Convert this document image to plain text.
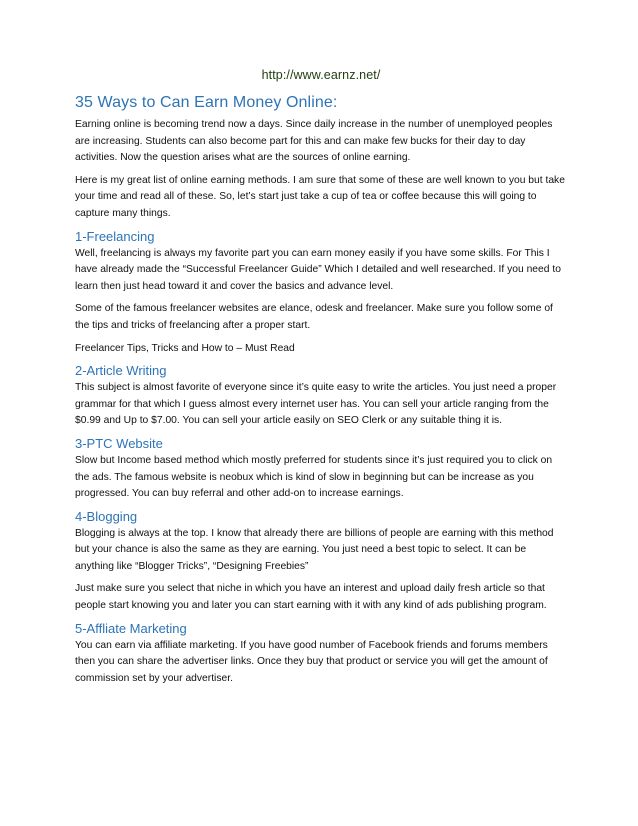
http://www.earnz.net/
35 Ways to Can Earn Money Online:

Earning online is becoming trend now a days. Since daily increase in the number of unemployed peoples are increasing. Students can also become part for this and can make few bucks for their day to day activities. Now the question arises what are the sources of online earning.

Here is my great list of online earning methods. I am sure that some of these are well known to you but take your time and read all of these. So, let’s start just take a cup of tea or coffee because this will going to capture many things.

1-Freelancing

Well, freelancing is always my favorite part you can earn money easily if you have some skills. For This I have already made the “Successful Freelancer Guide” Which I detailed and well researched. If you need to learn then just head toward it and cover the basics and advance level.

Some of the famous freelancer websites are elance, odesk and freelancer. Make sure you follow some of the tips and tricks of freelancing after a proper start.

Freelancer Tips, Tricks and How to – Must Read

2-Article Writing

This subject is almost favorite of everyone since it’s quite easy to write the articles. You just need a proper grammar for that which I guess almost every internet user has. You can sell your article ranging from the $0.99 and Up to $7.00. You can sell your article easily on SEO Clerk or any suitable thing it is.

3-PTC Website

Slow but Income based method which mostly preferred for students since it’s just required you to click on the ads. The famous website is neobux which is kind of slow in beginning but can be increase as you progressed. You can buy referral and other add-on to increase earnings.

4-Blogging

Blogging is always at the top. I know that already there are billions of people are earning with this method but your chance is also the same as they are earning. You just need a best topic to select. It can be anything like “Blogger Tricks”, “Designing Freebies”

Just make sure you select that niche in which you have an interest and upload daily fresh article so that people start knowing you and later you can start earning with it with any kind of ads publishing program.

5-Affliate Marketing

You can earn via affiliate marketing. If you have good number of Facebook friends and forums members then you can share the advertiser links. Once they buy that product or service you will get the amount of commission set by your advertiser.
